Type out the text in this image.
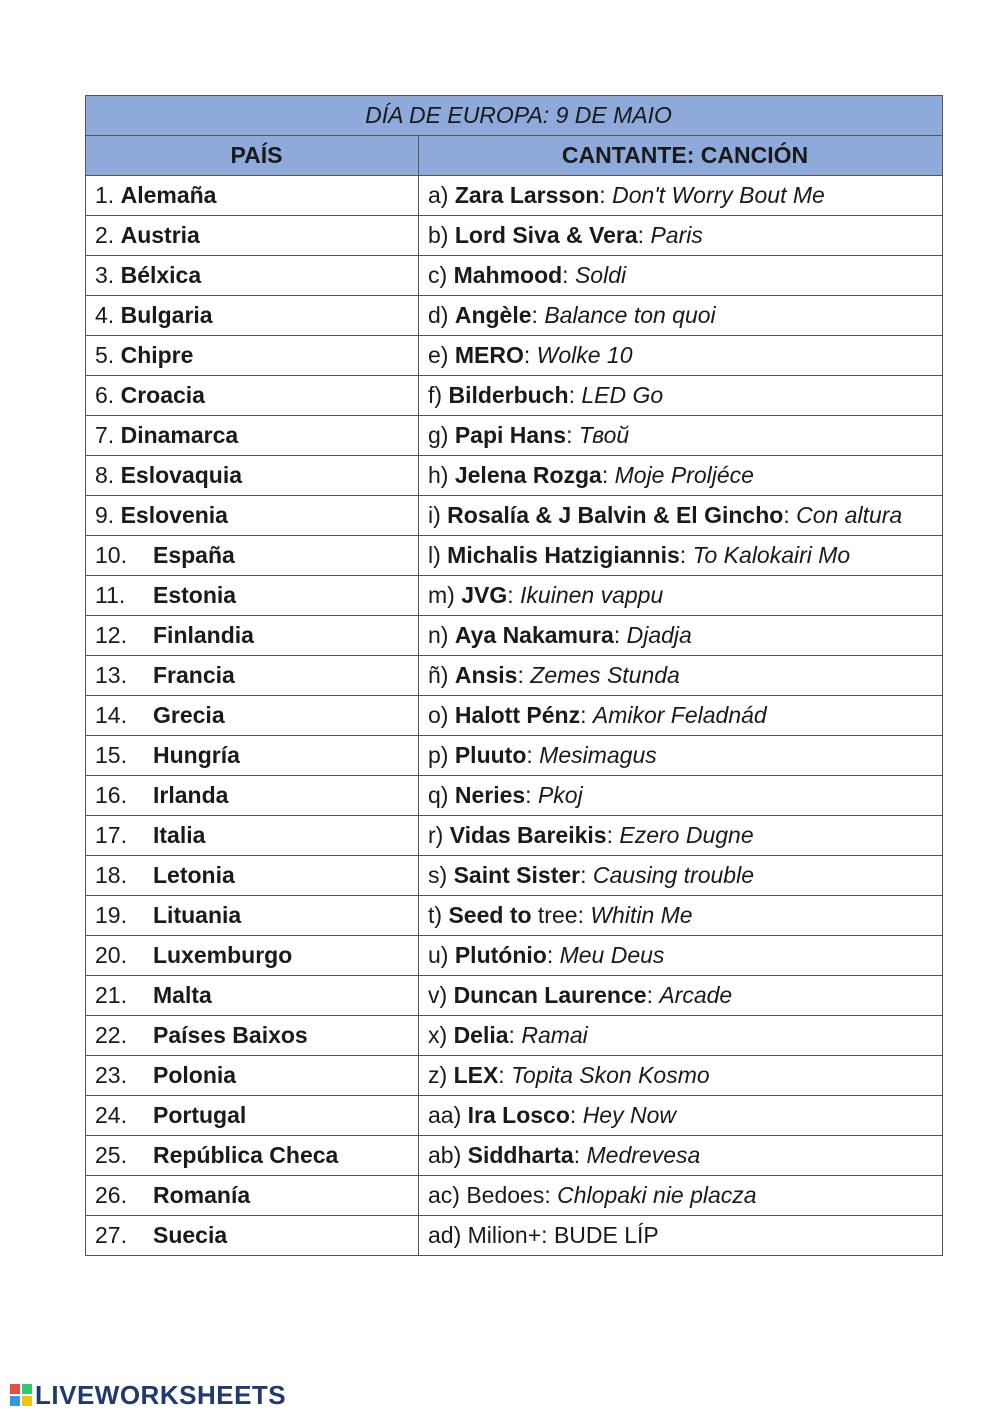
DÍA DE EUROPA: 9 DE MAIO	
PAÍS	CANTANTE: CANCIÓN
1. Alemaña	a) Zara Larsson: Don't Worry Bout Me
2. Austria	b) Lord Siva & Vera: Paris
3. Bélxica	c) Mahmood: Soldi
4. Bulgaria	d) Angèle: Balance ton quoi
5. Chipre	e) MERO: Wolke 10
6. Croacia	f) Bilderbuch: LED Go
7. Dinamarca	g) Papi Hans: Твой
8. Eslovaquia	h) Jelena Rozga: Moje Proljéce
9. Eslovenia	i) Rosalía & J Balvin & El Gincho: Con altura
10. España	l) Michalis Hatzigiannis: To Kalokairi Mo
11. Estonia	m) JVG: Ikuinen vappu
12. Finlandia	n) Aya Nakamura: Djadja
13. Francia	ñ) Ansis: Zemes Stunda
14. Grecia	o) Halott Pénz: Amikor Feladnád
15. Hungría	p) Pluuto: Mesimagus
16. Irlanda	q) Neries: Pkoj
17. Italia	r) Vidas Bareikis: Ezero Dugne
18. Letonia	s) Saint Sister: Causing trouble
19. Lituania	t) Seed to tree: Whitin Me
20. Luxemburgo	u) Plutónio: Meu Deus
21. Malta	v) Duncan Laurence: Arcade
22. Países Baixos	x) Delia: Ramai
23. Polonia	z) LEX: Topita Skon Kosmo
24. Portugal	aa) Ira Losco: Hey Now
25. República Checa	ab) Siddharta: Medrevesa
26. Romanía	ac) Bedoes: Chlopaki nie placza
27. Suecia	ad) Milion+: BUDE LÍP
LIVEWORKSHEETS
